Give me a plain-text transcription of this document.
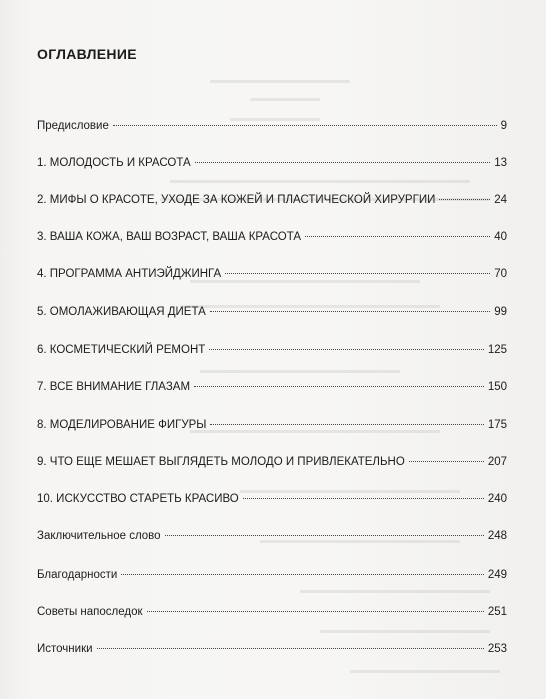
ОГЛАВЛЕНИЕ
Предисловие	9
1. МОЛОДОСТЬ И КРАСОТА	13
2. МИФЫ О КРАСОТЕ, УХОДЕ ЗА КОЖЕЙ И ПЛАСТИЧЕСКОЙ ХИРУРГИИ	24
3. ВАША КОЖА, ВАШ ВОЗРАСТ, ВАША КРАСОТА	40
4. ПРОГРАММА АНТИЭЙДЖИНГА	70
5. ОМОЛАЖИВАЮЩАЯ ДИЕТА	99
6. КОСМЕТИЧЕСКИЙ РЕМОНТ	125
7. ВСЕ ВНИМАНИЕ ГЛАЗАМ	150
8. МОДЕЛИРОВАНИЕ ФИГУРЫ	175
9. ЧТО ЕЩЕ МЕШАЕТ ВЫГЛЯДЕТЬ МОЛОДО И ПРИВЛЕКАТЕЛЬНО	207
10. ИСКУССТВО СТАРЕТЬ КРАСИВО	240
Заключительное слово	248
Благодарности	249
Советы напоследок	251
Источники	253
